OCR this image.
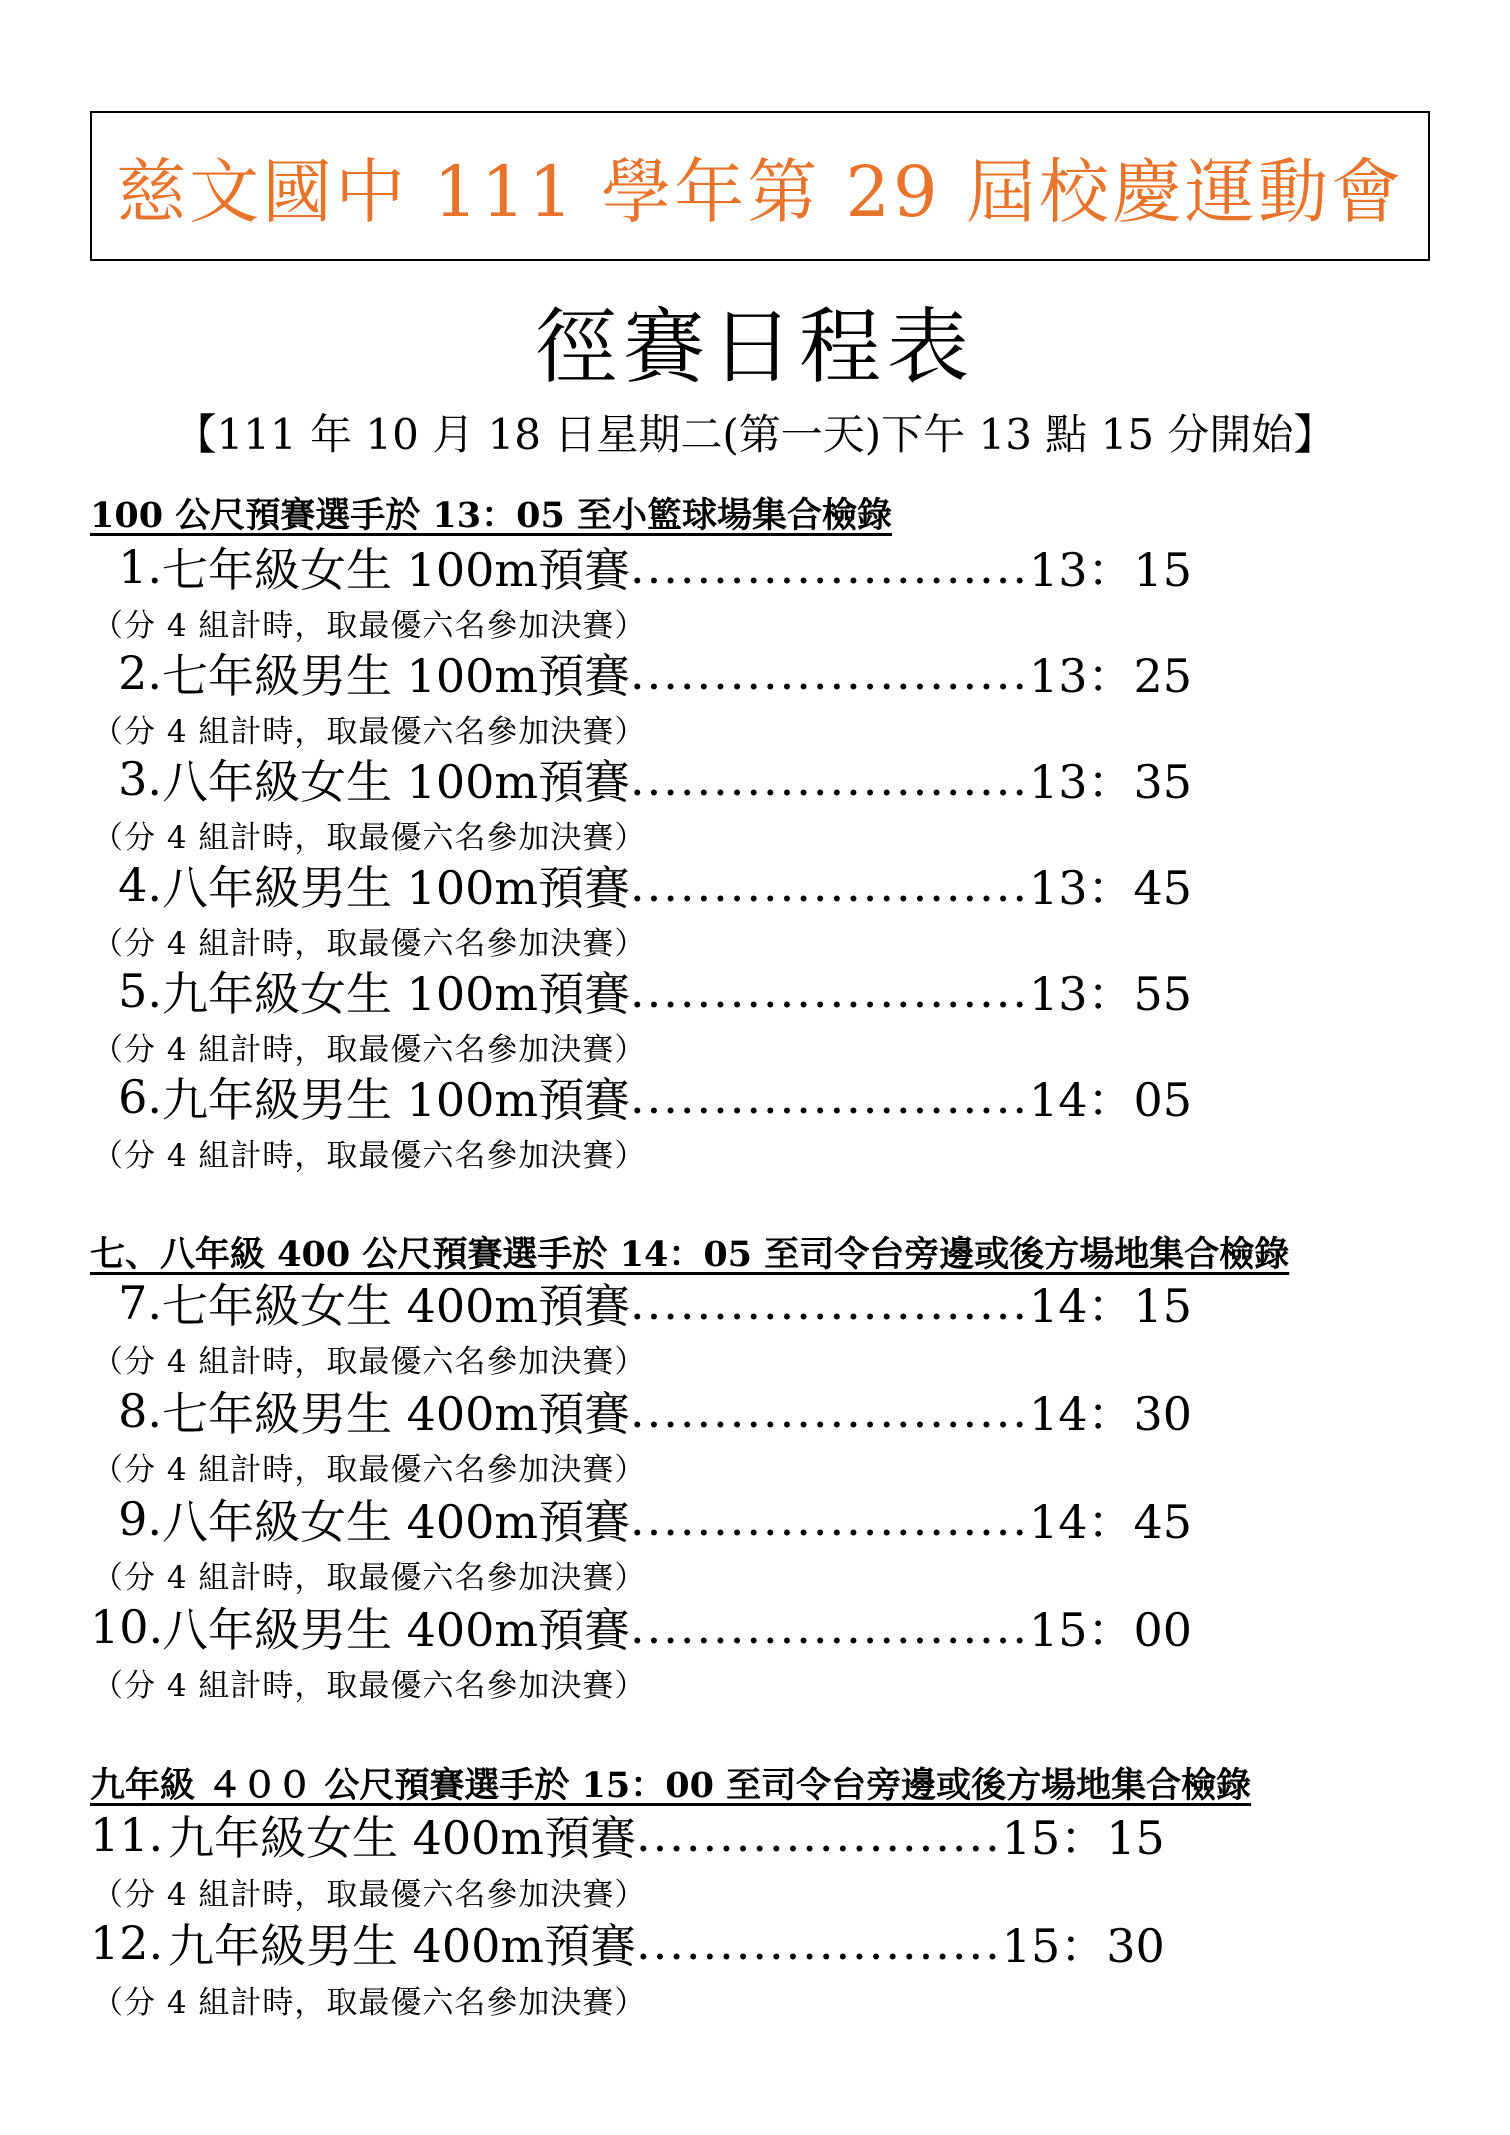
慈文國中 111 學年第 29 屆校慶運動會
徑賽日程表
【111 年 10 月 18 日星期二(第一天)下午 13 點 15 分開始】
100 公尺預賽選手於 13：05 至小籃球場集合檢錄
1. 七年級女生 100m預賽 ........................ 13：15
（分 4 組計時，取最優六名參加決賽）
2. 七年級男生 100m預賽 ........................ 13：25
（分 4 組計時，取最優六名參加決賽）
3. 八年級女生 100m預賽 ........................ 13：35
（分 4 組計時，取最優六名參加決賽）
4. 八年級男生 100m預賽 ........................ 13：45
（分 4 組計時，取最優六名參加決賽）
5. 九年級女生 100m預賽 ........................ 13：55
（分 4 組計時，取最優六名參加決賽）
6. 九年級男生 100m預賽 ........................ 14：05
（分 4 組計時，取最優六名參加決賽）
七、八年級 400 公尺預賽選手於 14：05 至司令台旁邊或後方場地集合檢錄
7. 七年級女生 400m預賽 ........................ 14：15
（分 4 組計時，取最優六名參加決賽）
8. 七年級男生 400m預賽 ........................ 14：30
（分 4 組計時，取最優六名參加決賽）
9. 八年級女生 400m預賽 ........................ 14：45
（分 4 組計時，取最優六名參加決賽）
10.
八年級男生 400m預賽 ........................ 15：00
（分 4 組計時，取最優六名參加決賽）
九年級 ４００ 公尺預賽選手於 15：00 至司令台旁邊或後方場地集合檢錄
11. 九年級女生 400m預賽 ...................... 15：15
（分 4 組計時，取最優六名參加決賽）
12. 九年級男生 400m預賽 ...................... 15：30
（分 4 組計時，取最優六名參加決賽）
